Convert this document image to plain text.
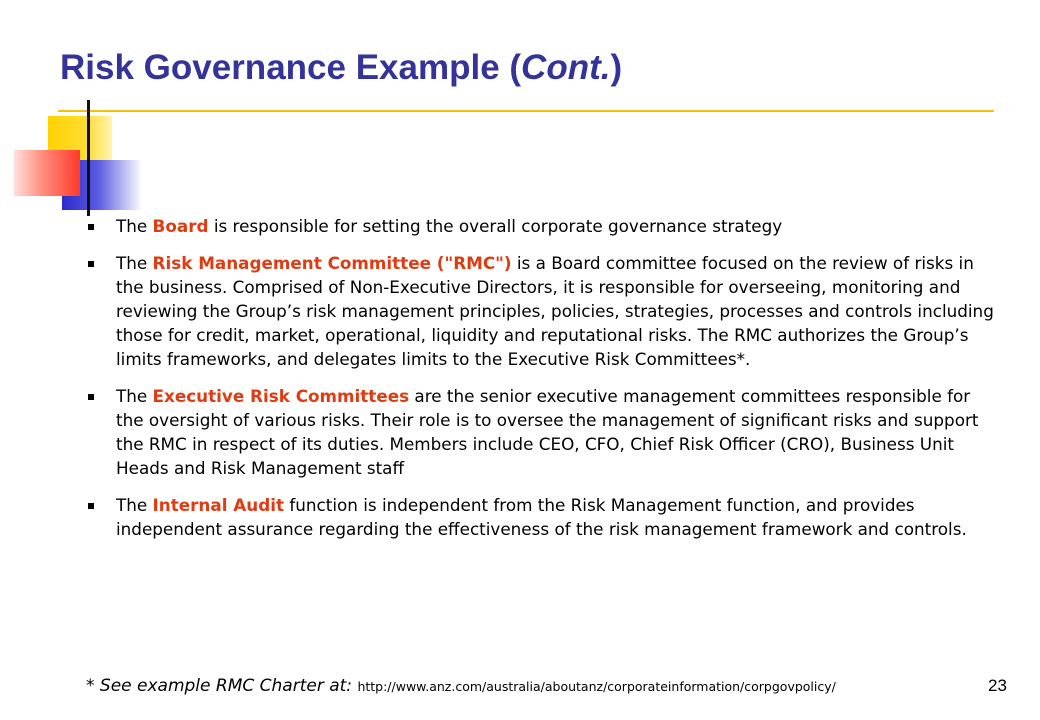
Risk Governance Example (Cont.)
The Board is responsible for setting the overall corporate governance strategy
The Risk Management Committee ("RMC") is a Board committee focused on the review of risks in the business. Comprised of Non-Executive Directors, it is responsible for overseeing, monitoring and reviewing the Group’s risk management principles, policies, strategies, processes and controls including those for credit, market, operational, liquidity and reputational risks. The RMC authorizes the Group’s limits frameworks, and delegates limits to the Executive Risk Committees*.
The Executive Risk Committees are the senior executive management committees responsible for the oversight of various risks. Their role is to oversee the management of significant risks and support the RMC in respect of its duties. Members include CEO, CFO, Chief Risk Officer (CRO), Business Unit Heads and Risk Management staff
The Internal Audit function is independent from the Risk Management function, and provides independent assurance regarding the effectiveness of the risk management framework and controls.
* See example RMC Charter at: http://www.anz.com/australia/aboutanz/corporateinformation/corpgovpolicy/	23
